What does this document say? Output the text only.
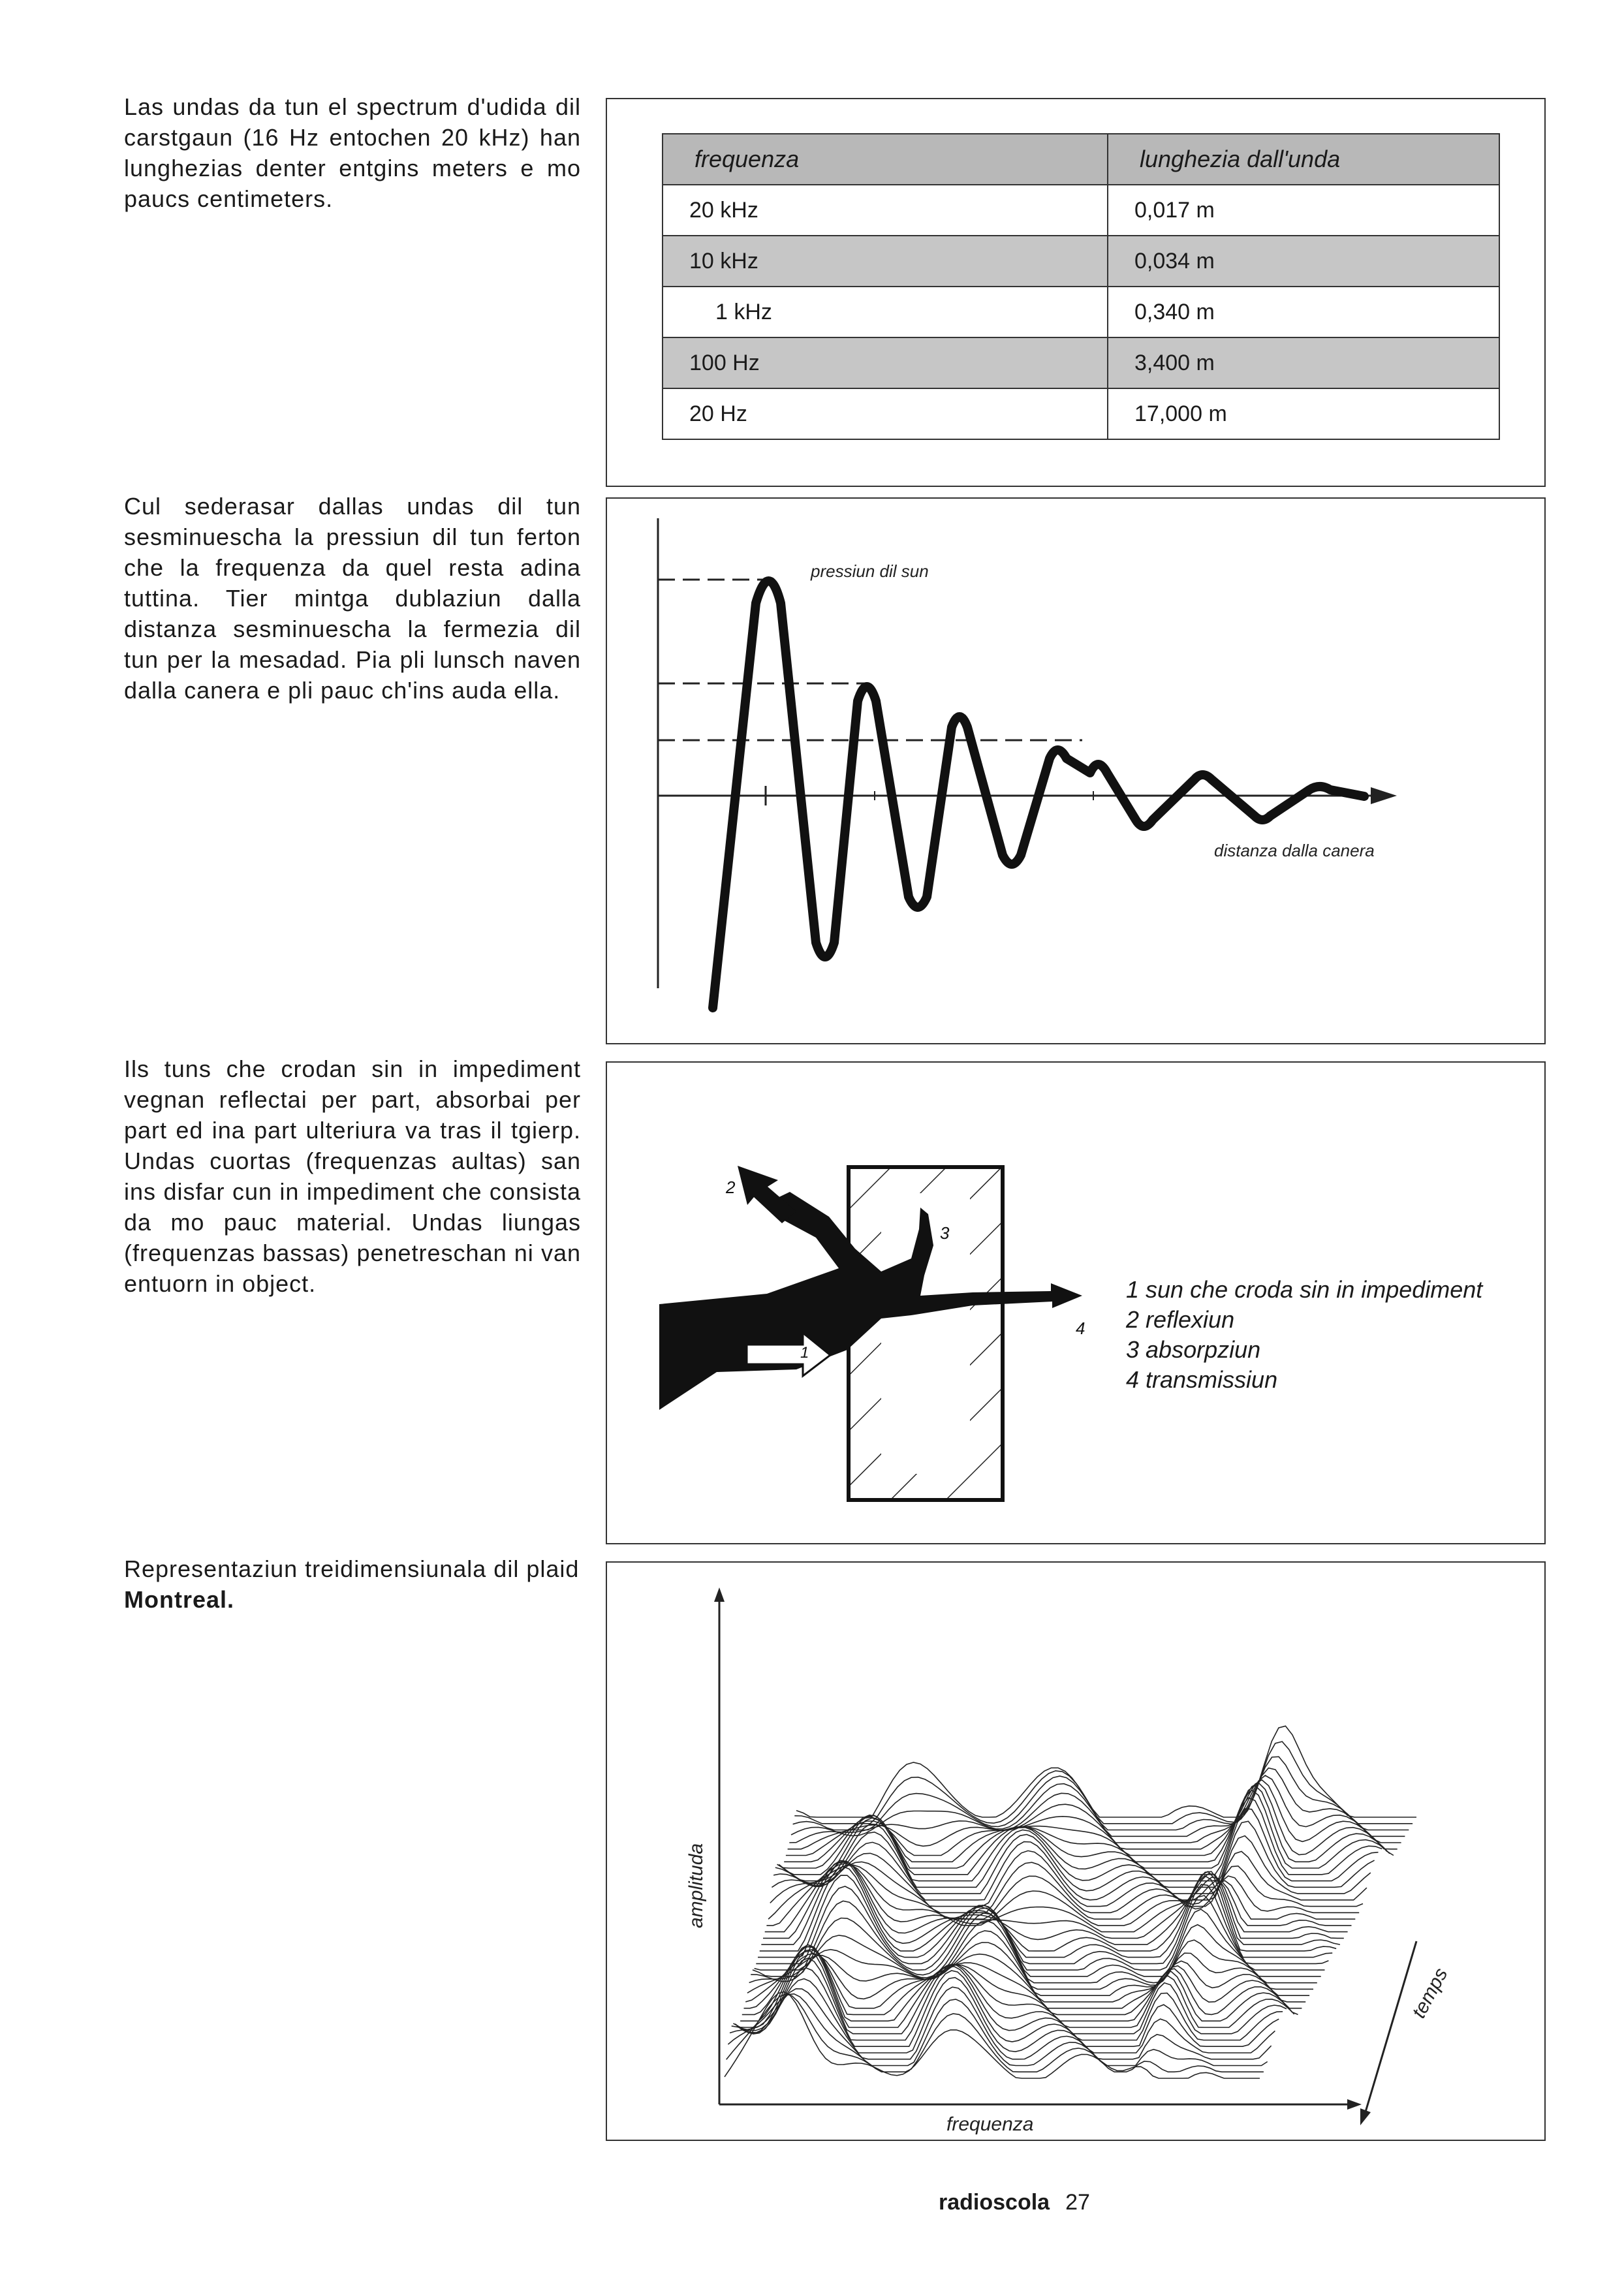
Las undas da tun el spectrum d'udida dil carstgaun (16 Hz entochen 20 kHz) han lunghezias denter entgins meters e mo paucs centimeters.
frequenza	lunghezia dall'unda
20 kHz	0,017 m
10 kHz	0,034 m
1 kHz	0,340 m
100 Hz	3,400 m
20 Hz	17,000 m
Cul sederasar dallas undas dil tun sesminuescha la pressiun dil tun ferton che la frequenza da quel resta adina tuttina. Tier mintga dublaziun dalla distanza sesminuescha la fermezia dil tun per la mesadad. Pia pli lunsch naven dalla canera e pli pauc ch'ins auda ella.
pressiun dil sun
distanza dalla canera
Ils tuns che crodan sin in impediment vegnan reflectai per part, absorbai per part ed ina part ulteriura va tras il tgierp. Undas cuortas (frequenzas aultas) san ins disfar cun in impediment che consista da mo pauc material. Undas liungas (frequenzas bassas) penetreschan ni van entuorn in object.
1
2
3
4
1 sun che croda sin in impediment
2 reflexiun
3 absorpziun
4 transmissiun
Representaziun treidimensiunala dil plaid Montreal.
amplituda
frequenza
temps
radioscola 27
